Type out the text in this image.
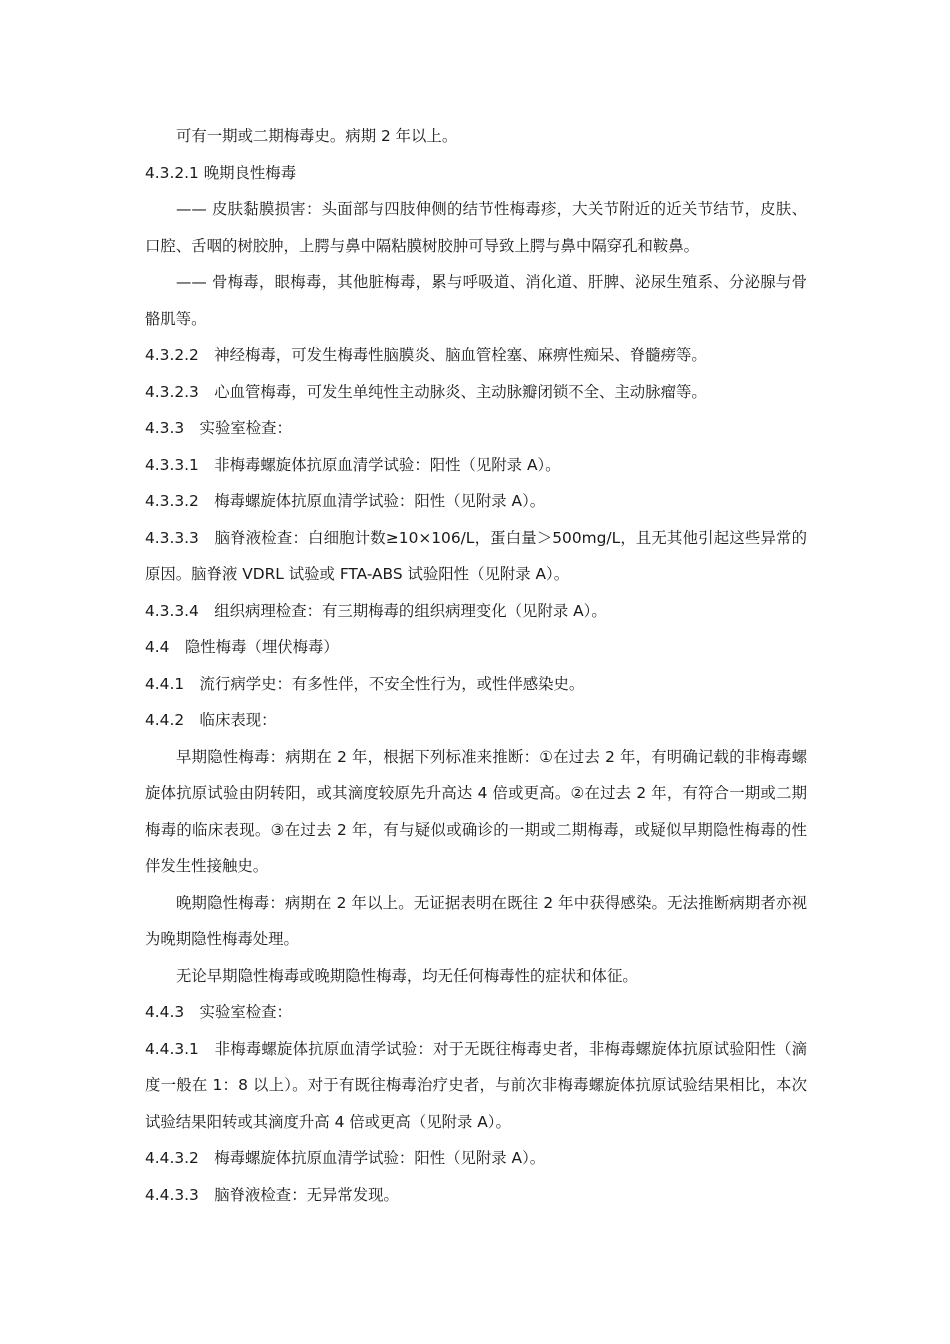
可有一期或二期梅毒史。病期 2 年以上。

4.3.2.1 晚期良性梅毒

—— 皮肤黏膜损害：头面部与四肢伸侧的结节性梅毒疹，大关节附近的近关节结节，皮肤、口腔、舌咽的树胶肿，上腭与鼻中隔粘膜树胶肿可导致上腭与鼻中隔穿孔和鞍鼻。

—— 骨梅毒，眼梅毒，其他脏梅毒，累与呼吸道、消化道、肝脾、泌尿生殖系、分泌腺与骨骼肌等。

4.3.2.2　神经梅毒，可发生梅毒性脑膜炎、脑血管栓塞、麻痹性痴呆、脊髓痨等。

4.3.2.3　心血管梅毒，可发生单纯性主动脉炎、主动脉瓣闭锁不全、主动脉瘤等。

4.3.3　实验室检查：

4.3.3.1　非梅毒螺旋体抗原血清学试验：阳性（见附录 A）。

4.3.3.2　梅毒螺旋体抗原血清学试验：阳性（见附录 A）。

4.3.3.3　脑脊液检查：白细胞计数≥10×106/L，蛋白量＞500mg/L，且无其他引起这些异常的原因。脑脊液 VDRL 试验或 FTA-ABS 试验阳性（见附录 A）。

4.3.3.4　组织病理检查：有三期梅毒的组织病理变化（见附录 A）。

4.4　隐性梅毒（埋伏梅毒）

4.4.1　流行病学史：有多性伴，不安全性行为，或性伴感染史。

4.4.2　临床表现：

早期隐性梅毒：病期在 2 年，根据下列标准来推断：①在过去 2 年，有明确记载的非梅毒螺旋体抗原试验由阴转阳，或其滴度较原先升高达 4 倍或更高。②在过去 2 年，有符合一期或二期梅毒的临床表现。③在过去 2 年，有与疑似或确诊的一期或二期梅毒，或疑似早期隐性梅毒的性伴发生性接触史。

晚期隐性梅毒：病期在 2 年以上。无证据表明在既往 2 年中获得感染。无法推断病期者亦视为晚期隐性梅毒处理。

无论早期隐性梅毒或晚期隐性梅毒，均无任何梅毒性的症状和体征。

4.4.3　实验室检查：

4.4.3.1　非梅毒螺旋体抗原血清学试验：对于无既往梅毒史者，非梅毒螺旋体抗原试验阳性（滴度一般在 1：8 以上）。对于有既往梅毒治疗史者，与前次非梅毒螺旋体抗原试验结果相比，本次试验结果阳转或其滴度升高 4 倍或更高（见附录 A）。

4.4.3.2　梅毒螺旋体抗原血清学试验：阳性（见附录 A）。

4.4.3.3　脑脊液检查：无异常发现。
